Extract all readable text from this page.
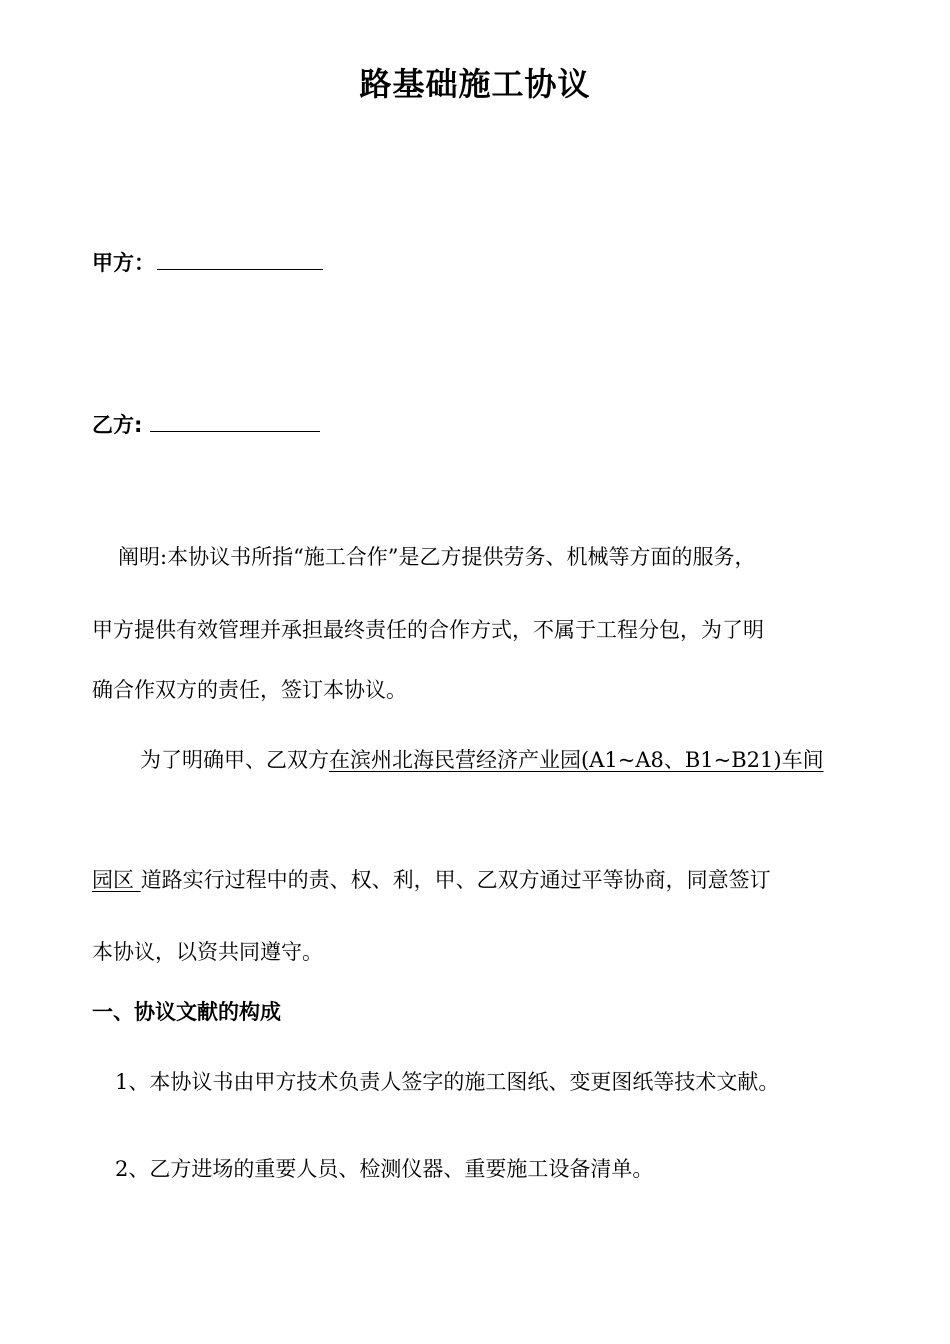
路基础施工协议
甲方：
乙方:
阐明:本协议书所指“施工合作”是乙方提供劳务、机械等方面的服务，
甲方提供有效管理并承担最终责任的合作方式，不属于工程分包，为了明
确合作双方的责任，签订本协议。
为了明确甲、乙双方在滨州北海民营经济产业园(A1~A8、B1~B21)车间
园区 道路实行过程中的责、权、利，甲、乙双方通过平等协商，同意签订
本协议，以资共同遵守。
一、协议文献的构成
1、本协议书由甲方技术负责人签字的施工图纸、变更图纸等技术文献。
2、乙方进场的重要人员、检测仪器、重要施工设备清单。
